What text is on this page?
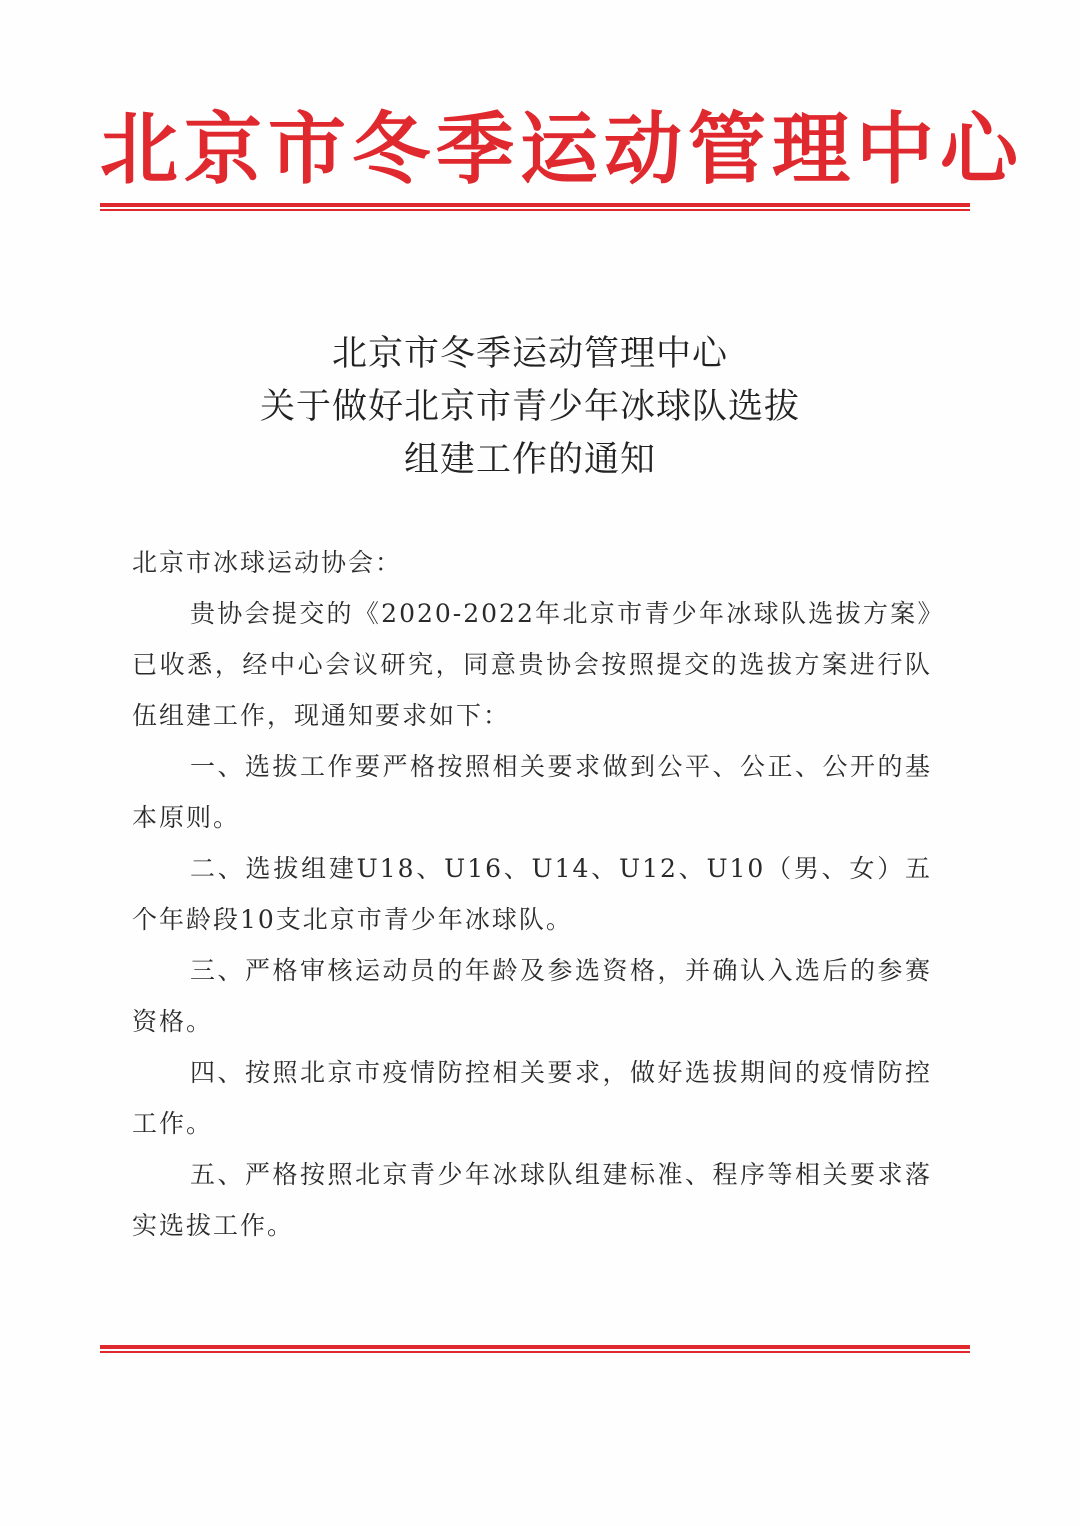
北京市冬季运动管理中心
北京市冬季运动管理中心
关于做好北京市青少年冰球队选拔
组建工作的通知
北京市冰球运动协会：
贵协会提交的《2020-2022年北京市青少年冰球队选拔方案》已收悉，经中心会议研究，同意贵协会按照提交的选拔方案进行队伍组建工作，现通知要求如下：
一、选拔工作要严格按照相关要求做到公平、公正、公开的基本原则。
二、选拔组建U18、U16、U14、U12、U10（男、女）五个年龄段10支北京市青少年冰球队。
三、严格审核运动员的年龄及参选资格，并确认入选后的参赛资格。
四、按照北京市疫情防控相关要求，做好选拔期间的疫情防控工作。
五、严格按照北京青少年冰球队组建标准、程序等相关要求落实选拔工作。
